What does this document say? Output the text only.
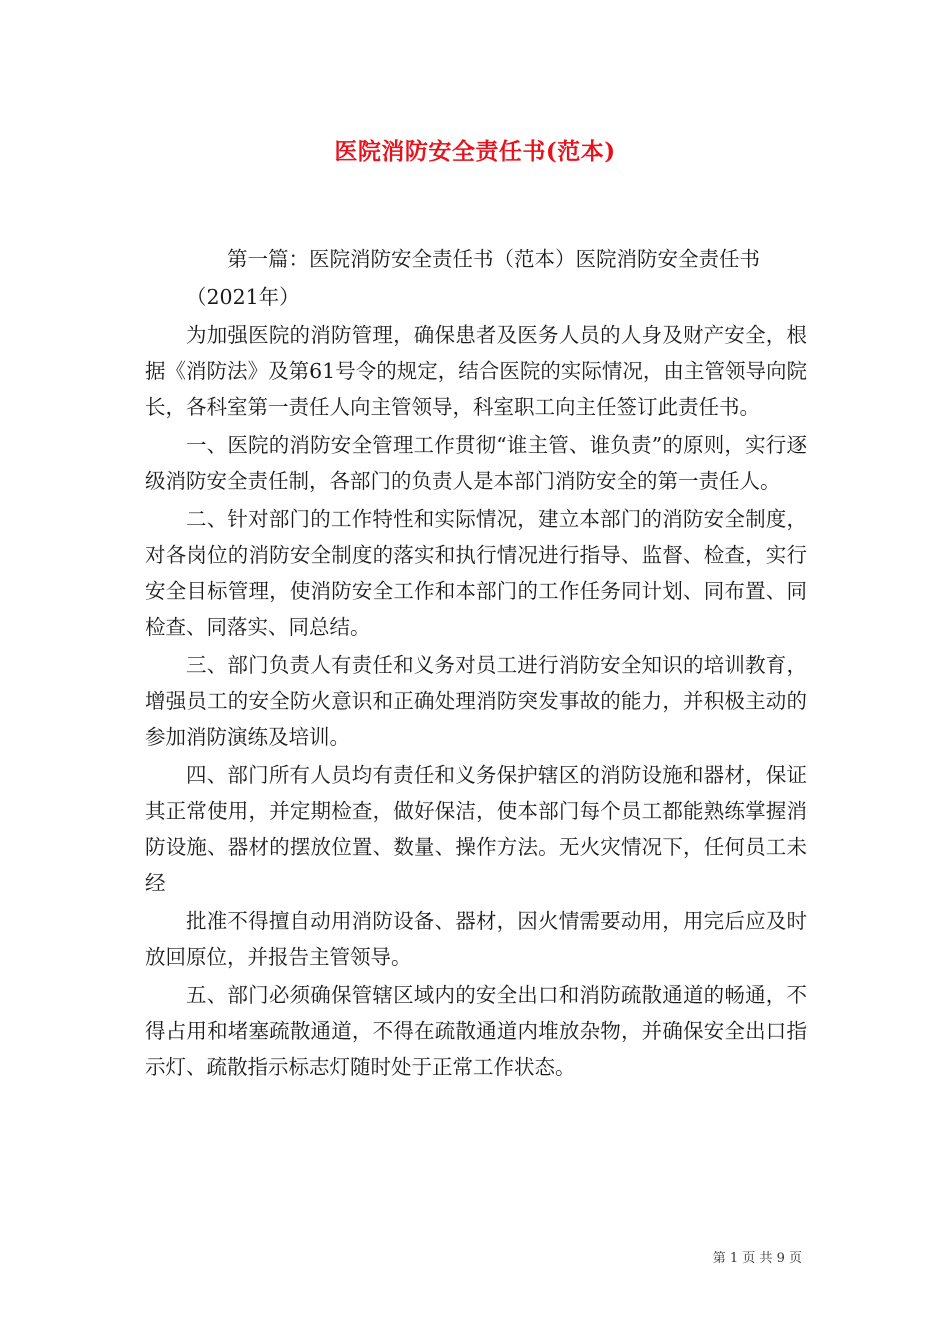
医院消防安全责任书(范本)

第一篇：医院消防安全责任书（范本）医院消防安全责任书

（2021年）

为加强医院的消防管理，确保患者及医务人员的人身及财产安全，根据《消防法》及第61号令的规定，结合医院的实际情况，由主管领导向院长，各科室第一责任人向主管领导，科室职工向主任签订此责任书。

一、医院的消防安全管理工作贯彻“谁主管、谁负责”的原则，实行逐级消防安全责任制，各部门的负责人是本部门消防安全的第一责任人。

二、针对部门的工作特性和实际情况，建立本部门的消防安全制度，对各岗位的消防安全制度的落实和执行情况进行指导、监督、检查，实行安全目标管理，使消防安全工作和本部门的工作任务同计划、同布置、同检查、同落实、同总结。

三、部门负责人有责任和义务对员工进行消防安全知识的培训教育，增强员工的安全防火意识和正确处理消防突发事故的能力，并积极主动的参加消防演练及培训。

四、部门所有人员均有责任和义务保护辖区的消防设施和器材，保证其正常使用，并定期检查，做好保洁，使本部门每个员工都能熟练掌握消防设施、器材的摆放位置、数量、操作方法。无火灾情况下，任何员工未经

批准不得擅自动用消防设备、器材，因火情需要动用，用完后应及时放回原位，并报告主管领导。

五、部门必须确保管辖区域内的安全出口和消防疏散通道的畅通，不得占用和堵塞疏散通道，不得在疏散通道内堆放杂物，并确保安全出口指示灯、疏散指示标志灯随时处于正常工作状态。

第 1 页 共 9 页
